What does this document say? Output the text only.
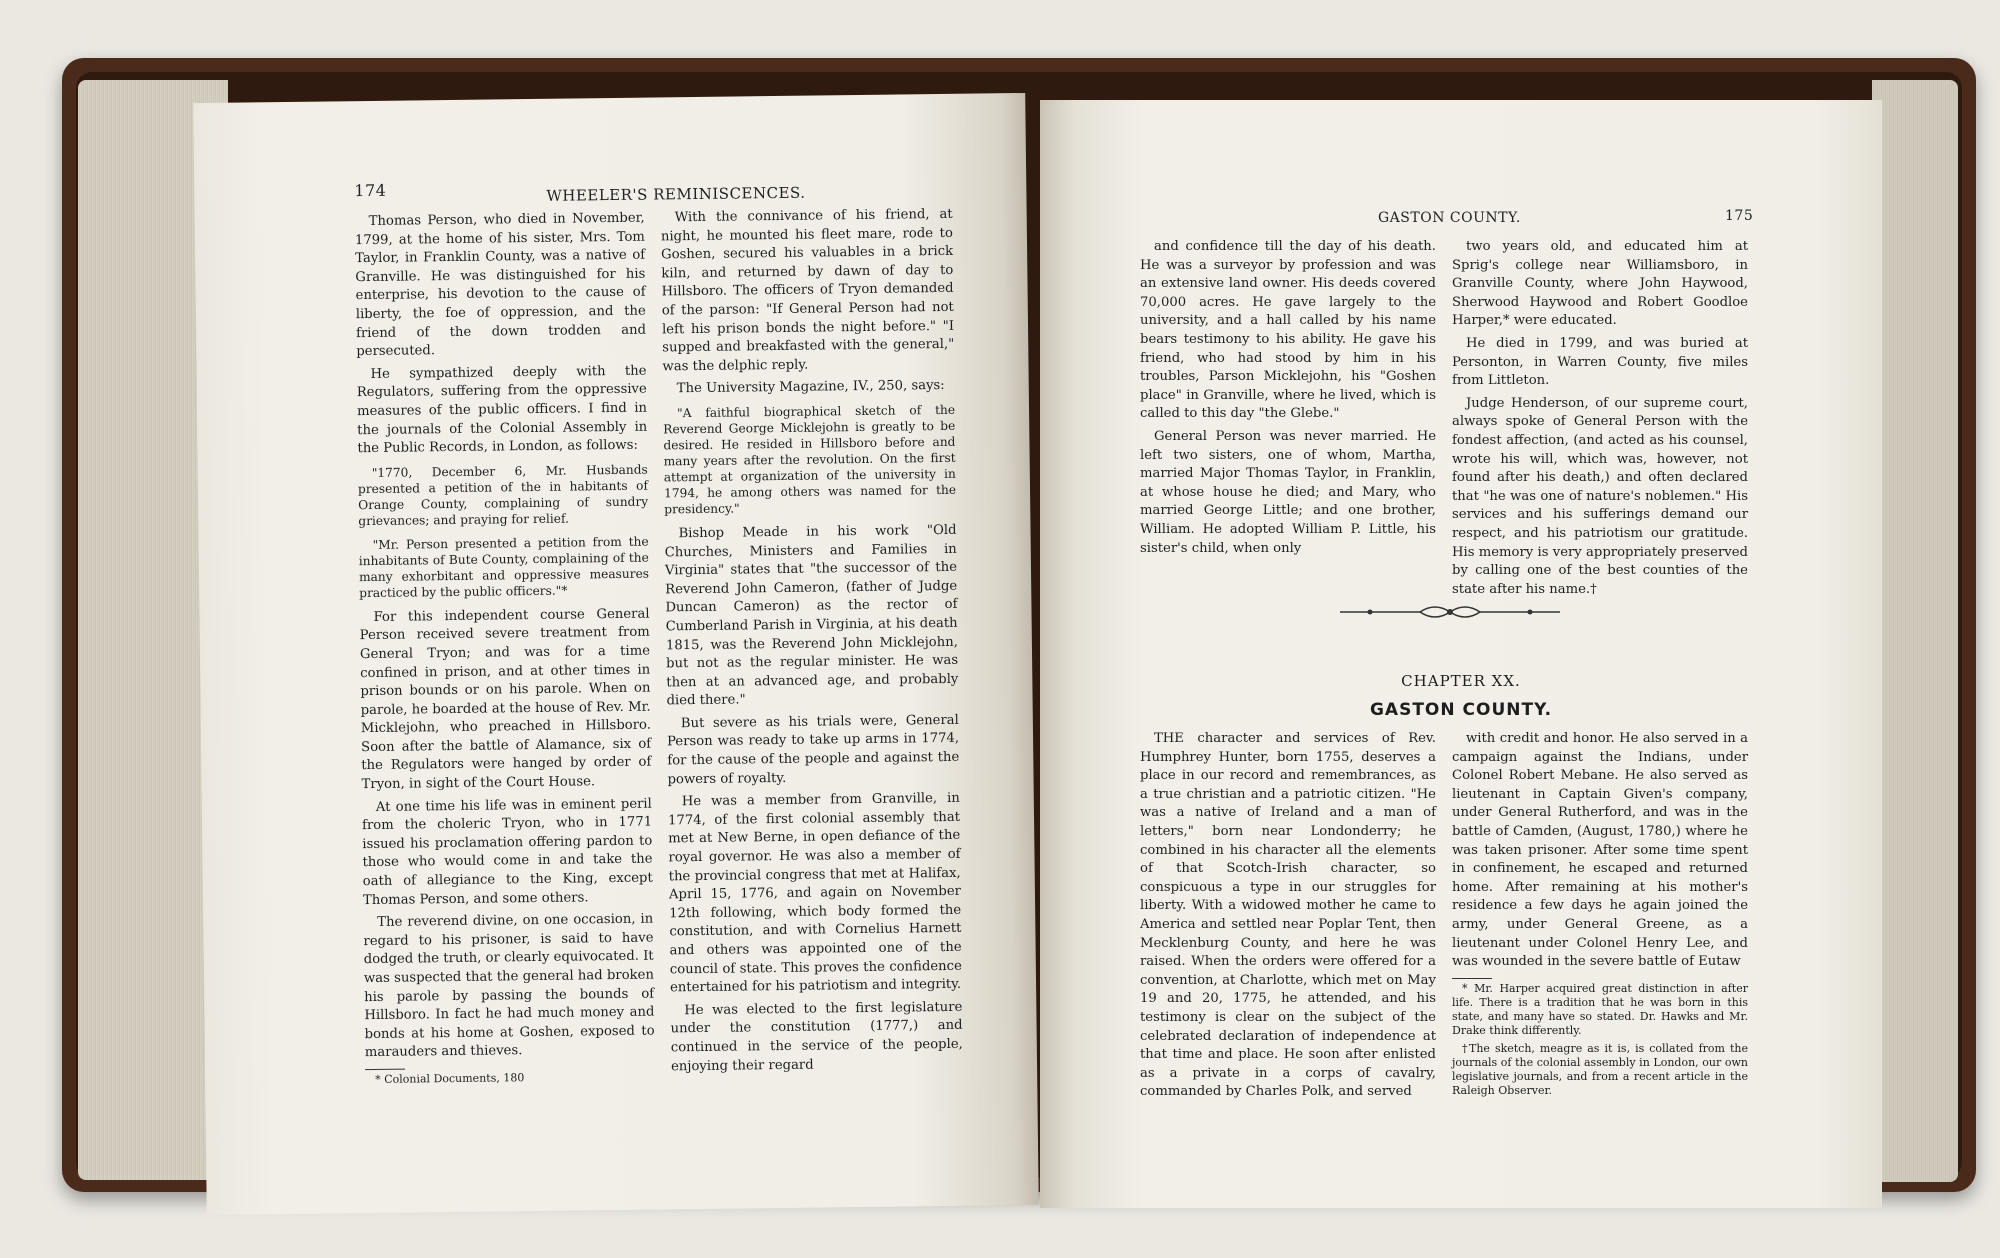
174	WHEELER'S REMINISCENCES.

Thomas Person, who died in November, 1799, at the home of his sister, Mrs. Tom Taylor, in Franklin County, was a native of Granville. He was distinguished for his enterprise, his devotion to the cause of liberty, the foe of oppression, and the friend of the down trodden and persecuted.

He sympathized deeply with the Regulators, suffering from the oppressive measures of the public officers. I find in the journals of the Colonial Assembly in the Public Records, in London, as follows:

"1770, December 6, Mr. Husbands presented a petition of the in habitants of Orange County, complaining of sundry grievances; and praying for relief.

"Mr. Person presented a petition from the inhabitants of Bute County, complaining of the many exhorbitant and oppressive measures practiced by the public officers."*

For this independent course General Person received severe treatment from General Tryon; and was for a time confined in prison, and at other times in prison bounds or on his parole. When on parole, he boarded at the house of Rev. Mr. Micklejohn, who preached in Hillsboro. Soon after the battle of Alamance, six of the Regulators were hanged by order of Tryon, in sight of the Court House.

At one time his life was in eminent peril from the choleric Tryon, who in 1771 issued his proclamation offering pardon to those who would come in and take the oath of allegiance to the King, except Thomas Person, and some others.

The reverend divine, on one occasion, in regard to his prisoner, is said to have dodged the truth, or clearly equivocated. It was suspected that the general had broken his parole by passing the bounds of Hillsboro. In fact he had much money and bonds at his home at Goshen, exposed to marauders and thieves.

* Colonial Documents, 180

With the connivance of his friend, at night, he mounted his fleet mare, rode to Goshen, secured his valuables in a brick kiln, and returned by dawn of day to Hillsboro. The officers of Tryon demanded of the parson: "If General Person had not left his prison bonds the night before." "I supped and breakfasted with the general," was the delphic reply.

The University Magazine, IV., 250, says:

"A faithful biographical sketch of the Reverend George Micklejohn is greatly to be desired. He resided in Hillsboro before and many years after the revolution. On the first attempt at organization of the university in 1794, he among others was named for the presidency."

Bishop Meade in his work "Old Churches, Ministers and Families in Virginia" states that "the successor of the Reverend John Cameron, (father of Judge Duncan Cameron) as the rector of Cumberland Parish in Virginia, at his death 1815, was the Reverend John Micklejohn, but not as the regular minister. He was then at an advanced age, and probably died there."

But severe as his trials were, General Person was ready to take up arms in 1774, for the cause of the people and against the powers of royalty.

He was a member from Granville, in 1774, of the first colonial assembly that met at New Berne, in open defiance of the royal governor. He was also a member of the provincial congress that met at Halifax, April 15, 1776, and again on November 12th following, which body formed the constitution, and with Cornelius Harnett and others was appointed one of the council of state. This proves the confidence entertained for his patriotism and integrity.

He was elected to the first legislature under the constitution (1777,) and continued in the service of the people, enjoying their regard

GASTON COUNTY.	175

and confidence till the day of his death. He was a surveyor by profession and was an extensive land owner. His deeds covered 70,000 acres. He gave largely to the university, and a hall called by his name bears testimony to his ability. He gave his friend, who had stood by him in his troubles, Parson Micklejohn, his "Goshen place" in Granville, where he lived, which is called to this day "the Glebe."

General Person was never married. He left two sisters, one of whom, Martha, married Major Thomas Taylor, in Franklin, at whose house he died; and Mary, who married George Little; and one brother, William. He adopted William P. Little, his sister's child, when only

two years old, and educated him at Sprig's college near Williamsboro, in Granville County, where John Haywood, Sherwood Haywood and Robert Goodloe Harper,* were educated.

He died in 1799, and was buried at Personton, in Warren County, five miles from Littleton.

Judge Henderson, of our supreme court, always spoke of General Person with the fondest affection, (and acted as his counsel, wrote his will, which was, however, not found after his death,) and often declared that "he was one of nature's noblemen." His services and his sufferings demand our respect, and his patriotism our gratitude. His memory is very appropriately preserved by calling one of the best counties of the state after his name.†

THE character and services of Rev. Humphrey Hunter, born 1755, deserves a place in our record and remembrances, as a true christian and a patriotic citizen. "He was a native of Ireland and a man of letters," born near Londonderry; he combined in his character all the elements of that Scotch-Irish character, so conspicuous a type in our struggles for liberty. With a widowed mother he came to America and settled near Poplar Tent, then Mecklenburg County, and here he was raised. When the orders were offered for a convention, at Charlotte, which met on May 19 and 20, 1775, he attended, and his testimony is clear on the subject of the celebrated declaration of independence at that time and place. He soon after enlisted as a private in a corps of cavalry, commanded by Charles Polk, and served

with credit and honor. He also served in a campaign against the Indians, under Colonel Robert Mebane. He also served as lieutenant in Captain Given's company, under General Rutherford, and was in the battle of Camden, (August, 1780,) where he was taken prisoner. After some time spent in confinement, he escaped and returned home. After remaining at his mother's residence a few days he again joined the army, under General Greene, as a lieutenant under Colonel Henry Lee, and was wounded in the severe battle of Eutaw

* Mr. Harper acquired great distinction in after life. There is a tradition that he was born in this state, and many have so stated. Dr. Hawks and Mr. Drake think differently.

†The sketch, meagre as it is, is collated from the journals of the colonial assembly in London, our own legislative journals, and from a recent article in the Raleigh Observer.

CHAPTER XX.
GASTON COUNTY.
